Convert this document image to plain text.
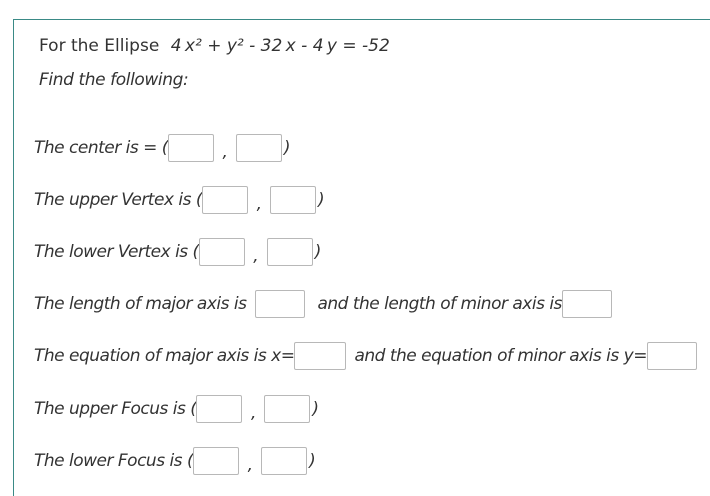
For the Ellipse 4 x² + y² - 32 x - 4 y = -52
Find the following:
The center is = (	,	)
The upper Vertex is (	,	)
The lower Vertex is (	,	)
The length of major axis is	and the length of minor axis is
The equation of major axis is x=	and the equation of minor axis is y=
The upper Focus is (	,	)
The lower Focus is (	,	)
